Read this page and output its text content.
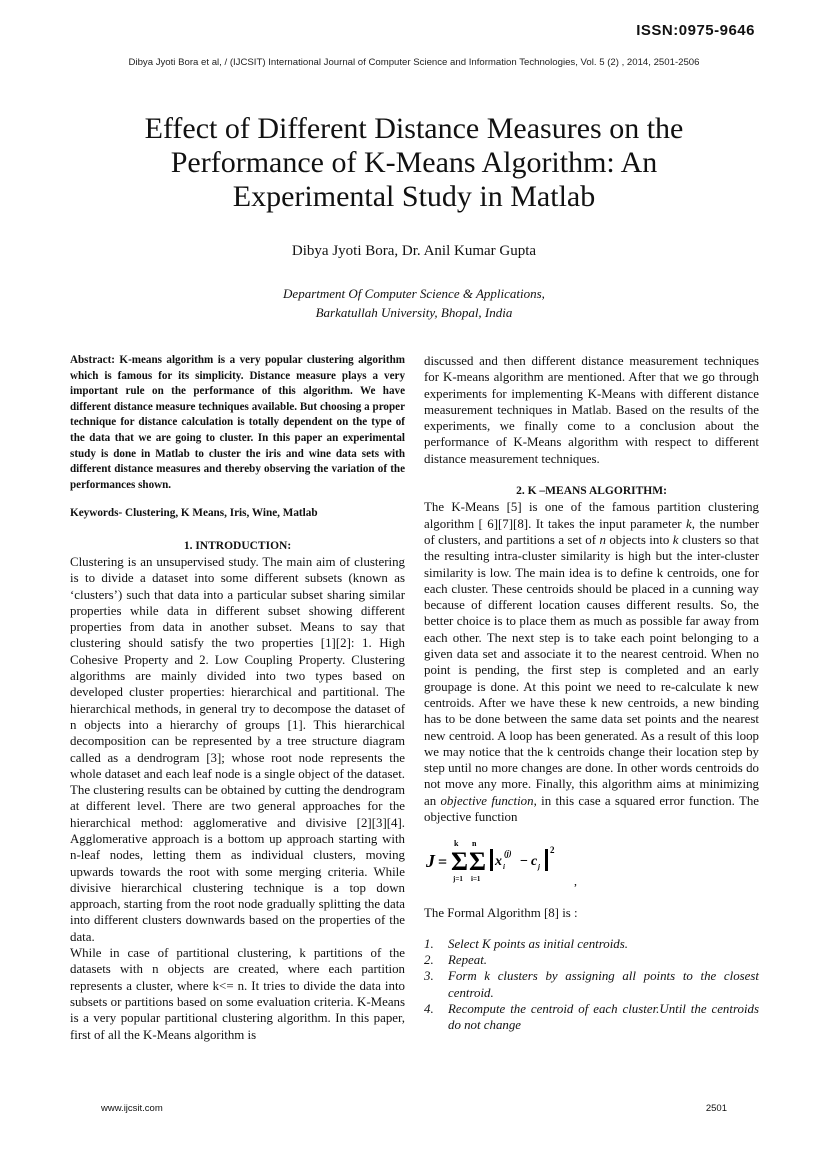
ISSN:0975-9646
Dibya Jyoti Bora et al, / (IJCSIT) International Journal of Computer Science and Information Technologies, Vol. 5 (2) , 2014, 2501-2506
Effect of Different Distance Measures on the
Performance of K-Means Algorithm: An
Experimental Study in Matlab
Dibya Jyoti Bora, Dr. Anil Kumar Gupta
Department Of Computer Science & Applications,
Barkatullah University, Bhopal, India

Abstract: K-means algorithm is a very popular clustering algorithm which is famous for its simplicity. Distance measure plays a very important rule on the performance of this algorithm. We have different distance measure techniques available. But choosing a proper technique for distance calculation is totally dependent on the type of the data that we are going to cluster. In this paper an experimental study is done in Matlab to cluster the iris and wine data sets with different distance measures and thereby observing the variation of the performances shown.

Keywords- Clustering, K Means, Iris, Wine, Matlab

1. INTRODUCTION:

Clustering is an unsupervised study. The main aim of clustering is to divide a dataset into some different subsets (known as ‘clusters’) such that data into a particular subset sharing similar properties while data in different subset showing different properties from data in another subset. Means to say that clustering should satisfy the two properties [1][2]: 1. High Cohesive Property and 2. Low Coupling Property. Clustering algorithms are mainly divided into two types based on developed cluster properties: hierarchical and partitional. The hierarchical methods, in general try to decompose the dataset of n objects into a hierarchy of groups [1]. This hierarchical decomposition can be represented by a tree structure diagram called as a dendrogram [3]; whose root node represents the whole dataset and each leaf node is a single object of the dataset. The clustering results can be obtained by cutting the dendrogram at different level. There are two general approaches for the hierarchical method: agglomerative and divisive [2][3][4]. Agglomerative approach is a bottom up approach starting with n-leaf nodes, letting them as individual clusters, moving upwards towards the root with some merging criteria. While divisive hierarchical clustering technique is a top down approach, starting from the root node gradually splitting the data into different clusters downwards based on the properties of the data.

While in case of partitional clustering, k partitions of the datasets with n objects are created, where each partition represents a cluster, where k<= n. It tries to divide the data into subsets or partitions based on some evaluation criteria. K-Means is a very popular partitional clustering algorithm. In this paper, first of all the K-Means algorithm is

discussed and then different distance measurement techniques for K-means algorithm are mentioned. After that we go through experiments for implementing K-Means with different distance measurement techniques in Matlab. Based on the results of the experiments, we finally come to a conclusion about the performance of K-Means algorithm with respect to different distance measurement techniques.

2. K –MEANS ALGORITHM:

The K-Means [5] is one of the famous partition clustering algorithm [ 6][7][8]. It takes the input parameter k, the number of clusters, and partitions a set of n objects into k clusters so that the resulting intra-cluster similarity is high but the inter-cluster similarity is low. The main idea is to define k centroids, one for each cluster. These centroids should be placed in a cunning way because of different location causes different results. So, the better choice is to place them as much as possible far away from each other. The next step is to take each point belonging to a given data set and associate it to the nearest centroid. When no point is pending, the first step is completed and an early groupage is done. At this point we need to re-calculate k new centroids. After we have these k new centroids, a new binding has to be done between the same data set points and the nearest new centroid. A loop has been generated. As a result of this loop we may notice that the k centroids change their location step by step until no more changes are done. In other words centroids do not move any more. Finally, this algorithm aims at minimizing an objective function, in this case a squared error function. The objective function

J =
k
Σ
j=1
n
Σ
i=1
x
(j)
i − c j
2
,

The Formal Algorithm [8] is :

1. Select K points as initial centroids.
2. Repeat.
3. Form k clusters by assigning all points to the closest centroid.
4. Recompute the centroid of each cluster.Until the centroids do not change
www.ijcsit.com	2501
